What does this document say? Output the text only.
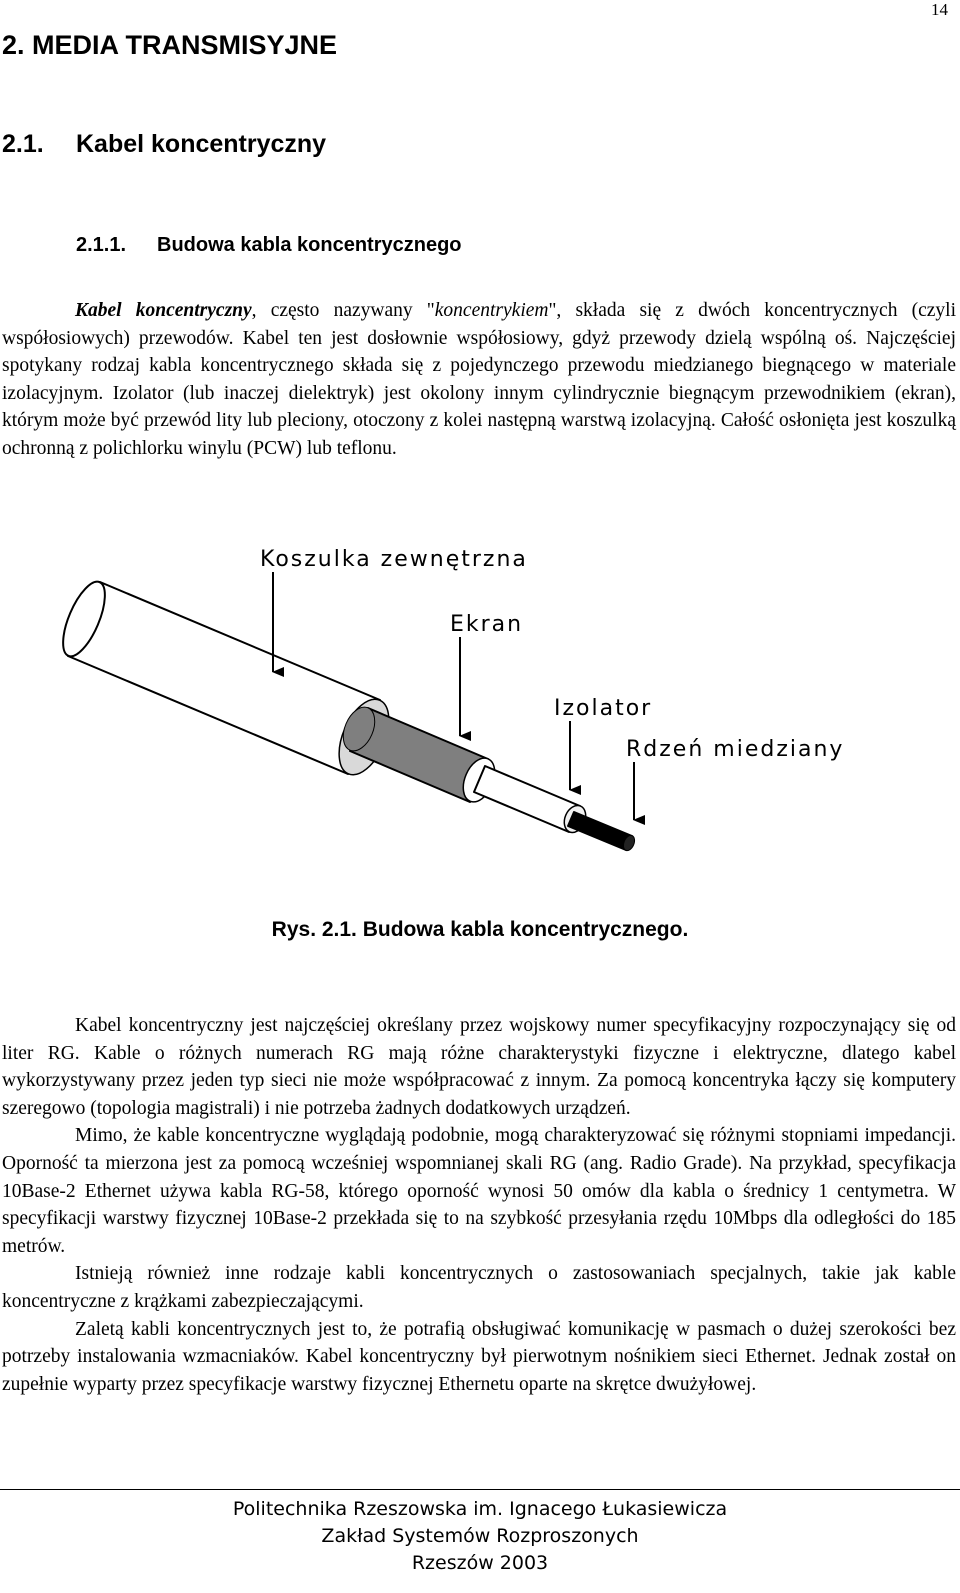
14
2. MEDIA TRANSMISYJNE
2.1. Kabel koncentryczny
2.1.1. Budowa kabla koncentrycznego

Kabel koncentryczny, często nazywany "koncentrykiem", składa się z dwóch koncentrycznych (czyli współosiowych) przewodów. Kabel ten jest dosłownie współosiowy, gdyż przewody dzielą wspólną oś. Najczęściej spotykany rodzaj kabla koncentrycznego składa się z pojedynczego przewodu miedzianego biegnącego w materiale izolacyjnym. Izolator (lub inaczej dielektryk) jest okolony innym cylindrycznie biegnącym przewodnikiem (ekran), którym może być przewód lity lub pleciony, otoczony z kolei następną warstwą izolacyjną. Całość osłonięta jest koszulką ochronną z polichlorku winylu (PCW) lub teflonu.

Koszulka zewnętrzna
Ekran
Izolator
Rdzeń miedziany

Rys. 2.1. Budowa kabla koncentrycznego.

Kabel koncentryczny jest najczęściej określany przez wojskowy numer specyfikacyjny rozpoczynający się od liter RG. Kable o różnych numerach RG mają różne charakterystyki fizyczne i elektryczne, dlatego kabel wykorzystywany przez jeden typ sieci nie może współpracować z innym. Za pomocą koncentryka łączy się komputery szeregowo (topologia magistrali) i nie potrzeba żadnych dodatkowych urządzeń.

Mimo, że kable koncentryczne wyglądają podobnie, mogą charakteryzować się różnymi stopniami impedancji. Oporność ta mierzona jest za pomocą wcześniej wspomnianej skali RG (ang. Radio Grade). Na przykład, specyfikacja 10Base-2 Ethernet używa kabla RG-58, którego oporność wynosi 50 omów dla kabla o średnicy 1 centymetra. W specyfikacji warstwy fizycznej 10Base-2 przekłada się to na szybkość przesyłania rzędu 10Mbps dla odległości do 185 metrów.

Istnieją również inne rodzaje kabli koncentrycznych o zastosowaniach specjalnych, takie jak kable koncentryczne z krążkami zabezpieczającymi.

Zaletą kabli koncentrycznych jest to, że potrafią obsługiwać komunikację w pasmach o dużej szerokości bez potrzeby instalowania wzmacniaków. Kabel koncentryczny był pierwotnym nośnikiem sieci Ethernet. Jednak został on zupełnie wyparty przez specyfikacje warstwy fizycznej Ethernetu oparte na skrętce dwużyłowej.

Politechnika Rzeszowska im. Ignacego Łukasiewicza
Zakład Systemów Rozproszonych
Rzeszów 2003
